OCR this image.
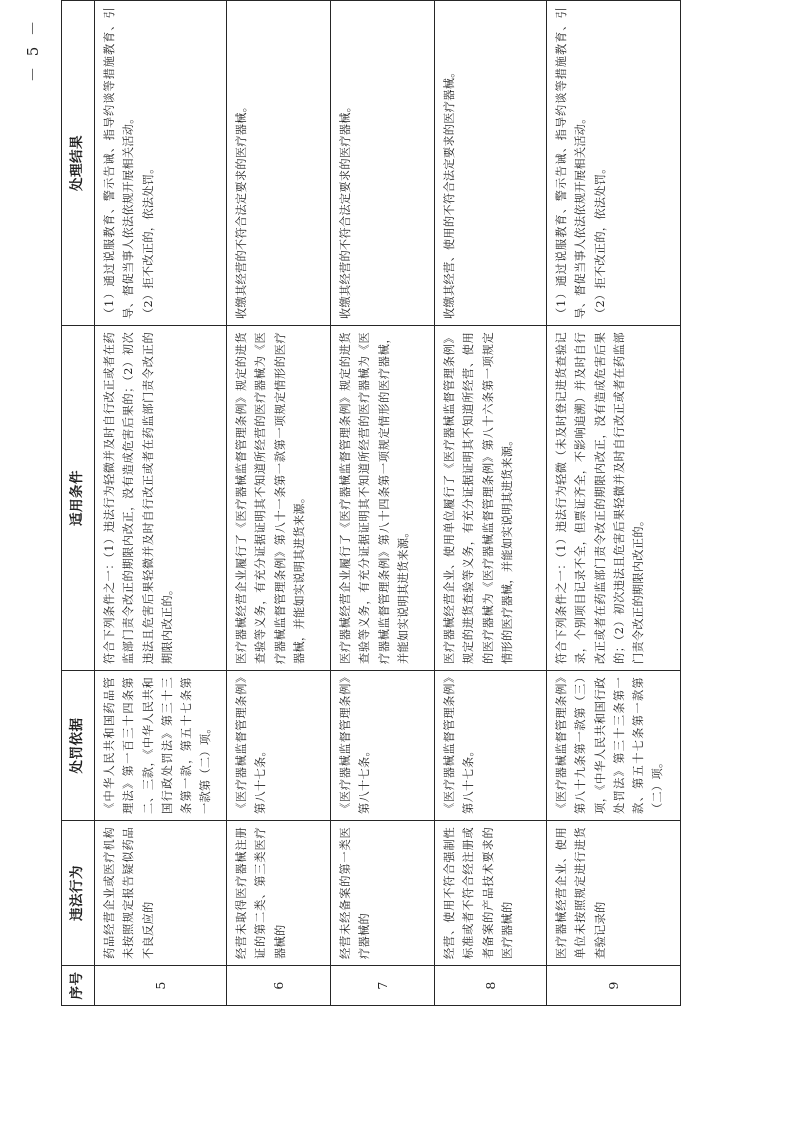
序号	违法行为	处罚依据	适用条件	处理结果
5	药品经营企业或医疗机构未按照规定报告疑似药品不良反应的	《中华人民共和国药品管理法》第一百三十四条第二、三款，《中华人民共和国行政处罚法》第三十三条第一款，第五十七条第一款第（二）项。	符合下列条件之一：（1）违法行为轻微并及时自行改正或者在药监部门责令改正的期限内改正，没有造成危害后果的；（2）初次违法且危害后果轻微并及时自行改正或者在药监部门责令改正的期限内改正的。	（1）通过说服教育、警示告诫、指导约谈等措施教育、引导、督促当事人依法依规开展相关活动。 （2）拒不改正的，依法处罚。
6	经营未取得医疗器械注册证的第二类、第三类医疗器械的	《医疗器械监督管理条例》第八十七条。	医疗器械经营企业履行了《医疗器械监督管理条例》规定的进货查验等义务，有充分证据证明其不知道所经营的医疗器械为《医疗器械监督管理条例》第八十一条第一款第一项规定情形的医疗器械，并能如实说明其进货来源。	收缴其经营的不符合法定要求的医疗器械。
7	经营未经备案的第一类医疗器械的	《医疗器械监督管理条例》第八十七条。	医疗器械经营企业履行了《医疗器械监督管理条例》规定的进货查验等义务，有充分证据证明其不知道所经营的医疗器械为《医疗器械监督管理条例》第八十四条第一项规定情形的医疗器械，并能如实说明其进货来源。	收缴其经营的不符合法定要求的医疗器械。
8	经营、使用不符合强制性标准或者不符合经注册或者备案的产品技术要求的医疗器械的	《医疗器械监督管理条例》第八十七条。	医疗器械经营企业、使用单位履行了《医疗器械监督管理条例》规定的进货查验等义务，有充分证据证明其不知道所经营、使用的医疗器械为《医疗器械监督管理条例》第八十六条第一项规定情形的医疗器械，并能如实说明其进货来源。	收缴其经营、使用的不符合法定要求的医疗器械。
9	医疗器械经营企业、使用单位未按照规定进行进货查验记录的	《医疗器械监督管理条例》第八十九条第一款第（三）项，《中华人民共和国行政处罚法》第三十三条第一款、第五十七条第一款第（二）项。	符合下列条件之一：（1）违法行为轻微（未及时登记进货查验记录，个别项目记录不全，但票证齐全，不影响追溯）并及时自行改正或者在药监部门责令改正的期限内改正，没有造成危害后果的；（2）初次违法且危害后果轻微并及时自行改正或者在药监部门责令改正的期限内改正的。	（1）通过说服教育、警示告诫、指导约谈等措施教育、引导、督促当事人依法依规开展相关活动。 （2）拒不改正的，依法处罚。
－ 5 －
